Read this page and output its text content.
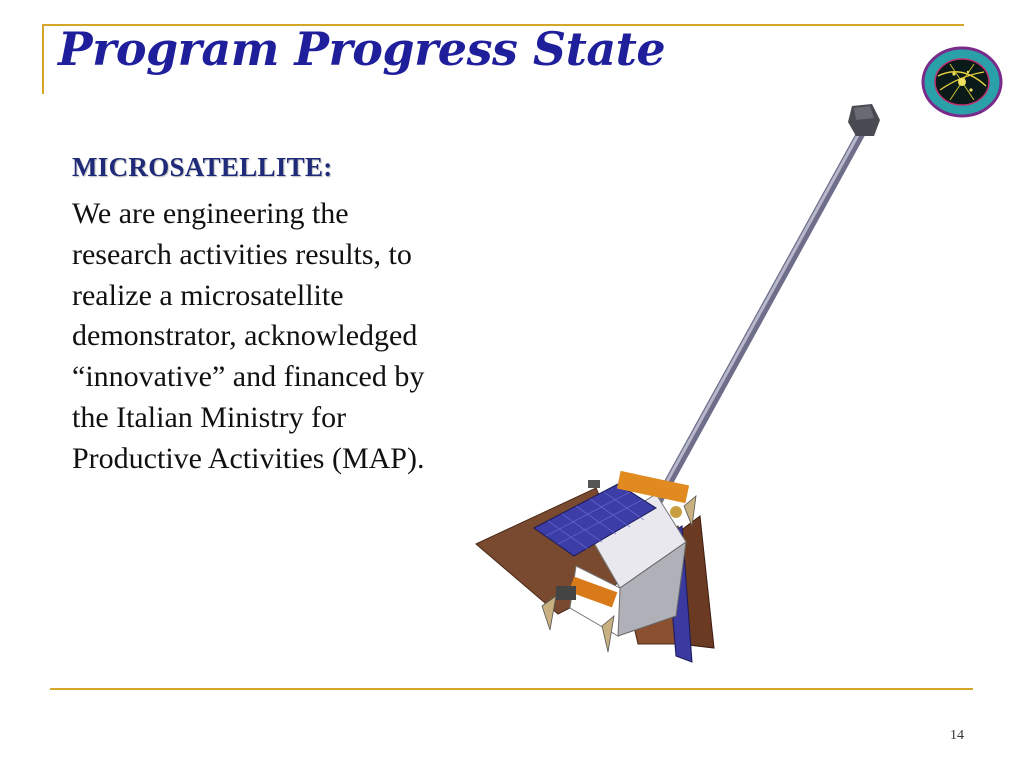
Program Progress State
MICROSATELLITE:
We are engineering the
research activities results, to
realize a microsatellite
demonstrator, acknowledged
“innovative” and financed by
the Italian Ministry for
Productive Activities (MAP).
14
